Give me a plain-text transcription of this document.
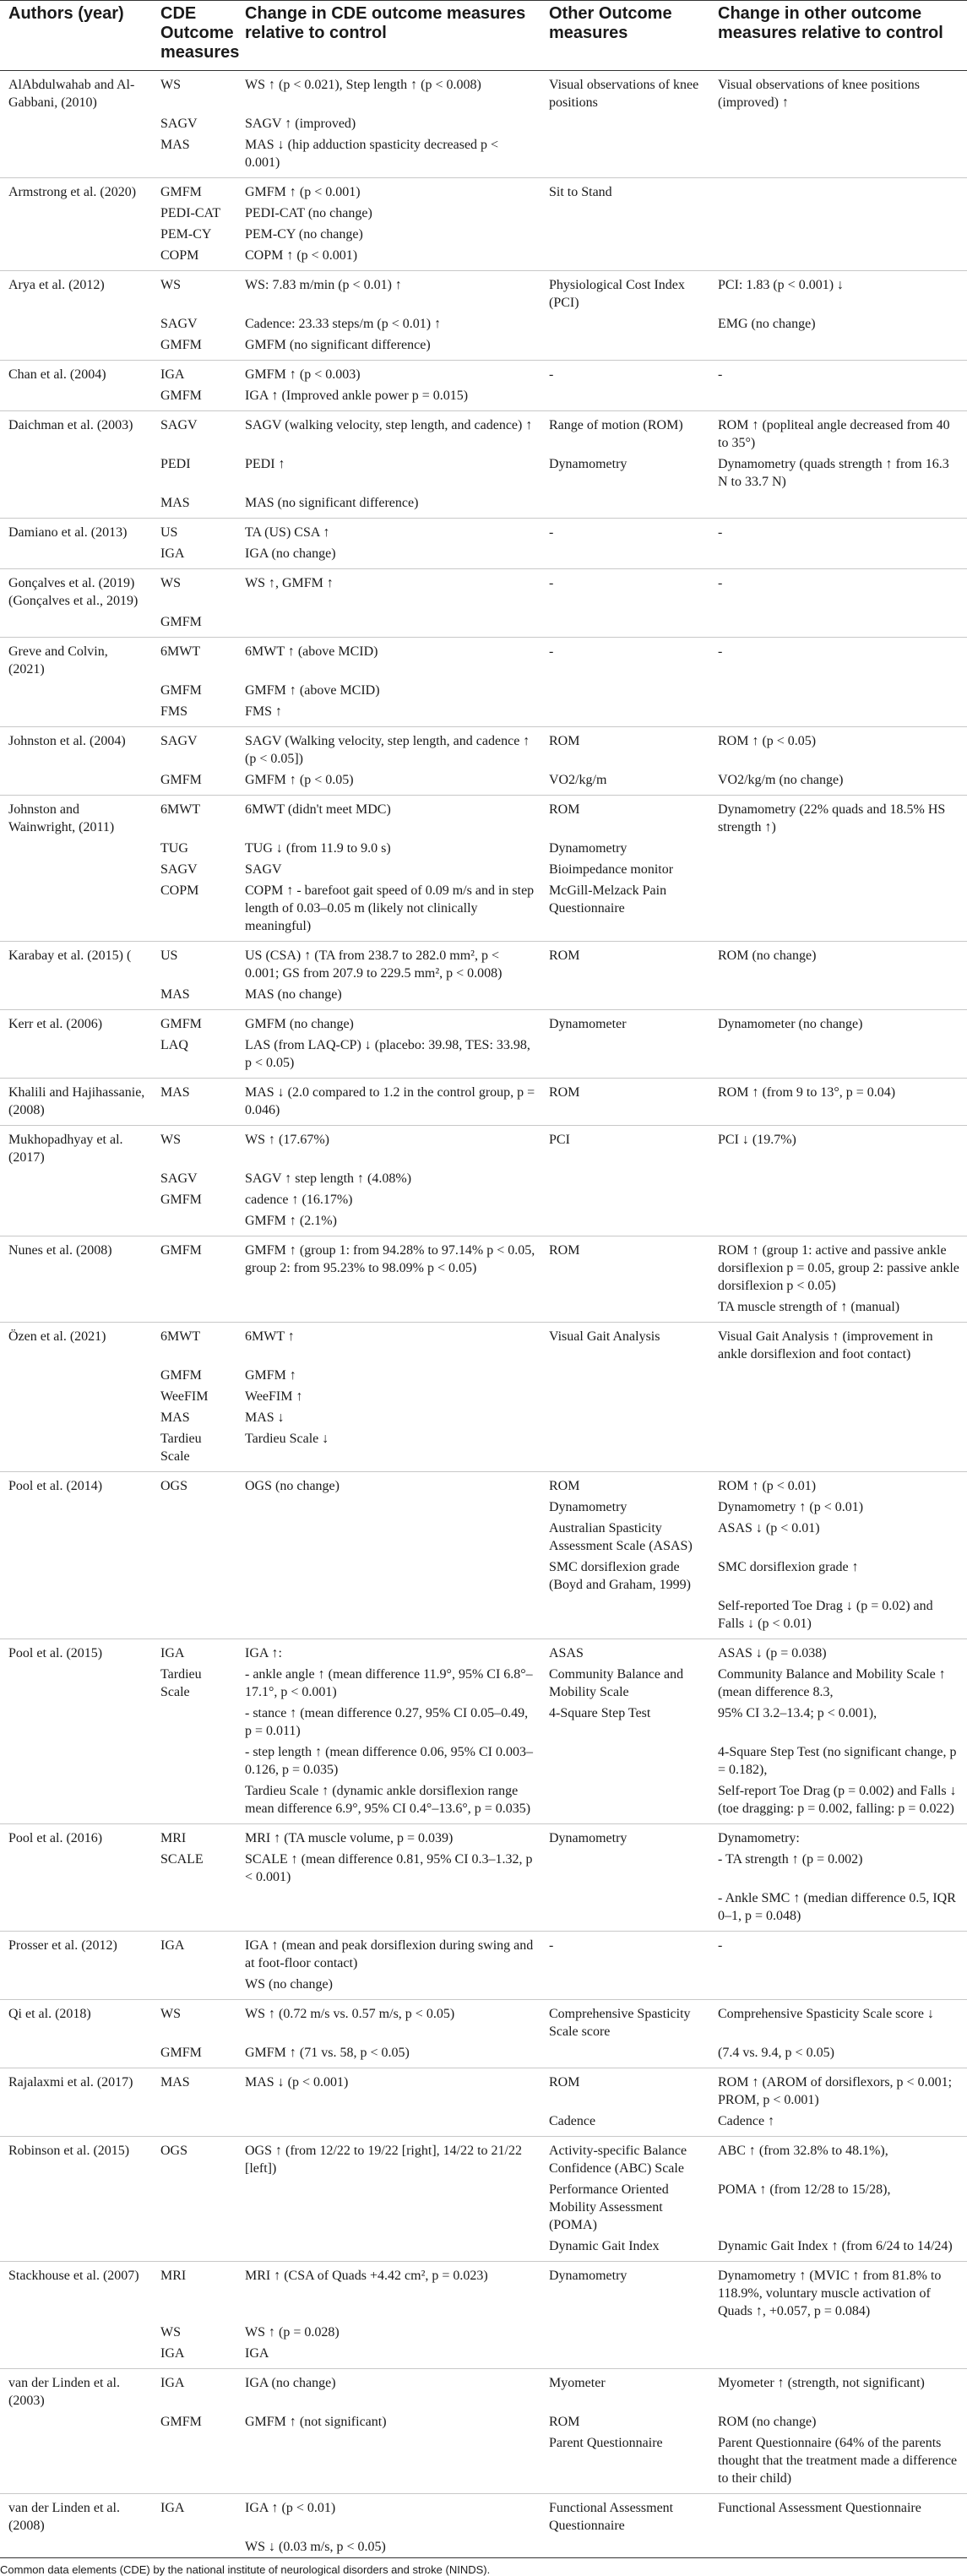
Authors (year)	CDE Outcome measures	Change in CDE outcome measures relative to control	Other Outcome measures	Change in other outcome measures relative to control
AlAbdulwahab and Al-Gabbani, (2010)	WS	WS ↑ (p < 0.021), Step length ↑ (p < 0.008)	Visual observations of knee positions	Visual observations of knee positions (improved) ↑
	SAGV	SAGV ↑ (improved)		
	MAS	MAS ↓ (hip adduction spasticity decreased p < 0.001)		
Armstrong et al. (2020)	GMFM	GMFM ↑ (p < 0.001)	Sit to Stand	
	PEDI-CAT	PEDI-CAT (no change)		
	PEM-CY	PEM-CY (no change)		
	COPM	COPM ↑ (p < 0.001)		
Arya et al. (2012)	WS	WS: 7.83 m/min (p < 0.01) ↑	Physiological Cost Index (PCI)	PCI: 1.83 (p < 0.001) ↓
	SAGV	Cadence: 23.33 steps/m (p < 0.01) ↑		EMG (no change)
	GMFM	GMFM (no significant difference)		
Chan et al. (2004)	IGA	GMFM ↑ (p < 0.003)	-	-
	GMFM	IGA ↑ (Improved ankle power p = 0.015)		
Daichman et al. (2003)	SAGV	SAGV (walking velocity, step length, and cadence) ↑	Range of motion (ROM)	ROM ↑ (popliteal angle decreased from 40 to 35°)
	PEDI	PEDI ↑	Dynamometry	Dynamometry (quads strength ↑ from 16.3 N to 33.7 N)
	MAS	MAS (no significant difference)		
Damiano et al. (2013)	US	TA (US) CSA ↑	-	-
	IGA	IGA (no change)		
Gonçalves et al. (2019) (Gonçalves et al., 2019)	WS	WS ↑, GMFM ↑	-	-
	GMFM			
Greve and Colvin, (2021)	6MWT	6MWT ↑ (above MCID)	-	-
	GMFM	GMFM ↑ (above MCID)		
	FMS	FMS ↑		
Johnston et al. (2004)	SAGV	SAGV (Walking velocity, step length, and cadence ↑ (p < 0.05])	ROM	ROM ↑ (p < 0.05)
	GMFM	GMFM ↑ (p < 0.05)	VO2/kg/m	VO2/kg/m (no change)
Johnston and Wainwright, (2011)	6MWT	6MWT (didn't meet MDC)	ROM	Dynamometry (22% quads and 18.5% HS strength ↑)
	TUG	TUG ↓ (from 11.9 to 9.0 s)	Dynamometry	
	SAGV	SAGV	Bioimpedance monitor	
	COPM	COPM ↑ - barefoot gait speed of 0.09 m/s and in step length of 0.03–0.05 m (likely not clinically meaningful)	McGill-Melzack Pain Questionnaire	
Karabay et al. (2015) (	US	US (CSA) ↑ (TA from 238.7 to 282.0 mm², p < 0.001; GS from 207.9 to 229.5 mm², p < 0.008)	ROM	ROM (no change)
	MAS	MAS (no change)		
Kerr et al. (2006)	GMFM	GMFM (no change)	Dynamometer	Dynamometer (no change)
	LAQ	LAS (from LAQ-CP) ↓ (placebo: 39.98, TES: 33.98, p < 0.05)		
Khalili and Hajihassanie, (2008)	MAS	MAS ↓ (2.0 compared to 1.2 in the control group, p = 0.046)	ROM	ROM ↑ (from 9 to 13°, p = 0.04)
Mukhopadhyay et al. (2017)	WS	WS ↑ (17.67%)	PCI	PCI ↓ (19.7%)
	SAGV	SAGV ↑ step length ↑ (4.08%)		
	GMFM	cadence ↑ (16.17%)		
		GMFM ↑ (2.1%)		
Nunes et al. (2008)	GMFM	GMFM ↑ (group 1: from 94.28% to 97.14% p < 0.05, group 2: from 95.23% to 98.09% p < 0.05)	ROM	ROM ↑ (group 1: active and passive ankle dorsiflexion p = 0.05, group 2: passive ankle dorsiflexion p < 0.05)
				TA muscle strength of ↑ (manual)
Özen et al. (2021)	6MWT	6MWT ↑	Visual Gait Analysis	Visual Gait Analysis ↑ (improvement in ankle dorsiflexion and foot contact)
	GMFM	GMFM ↑		
	WeeFIM	WeeFIM ↑		
	MAS	MAS ↓		
	Tardieu Scale	Tardieu Scale ↓		
Pool et al. (2014)	OGS	OGS (no change)	ROM	ROM ↑ (p < 0.01)
			Dynamometry	Dynamometry ↑ (p < 0.01)
			Australian Spasticity Assessment Scale (ASAS)	ASAS ↓ (p < 0.01)
			SMC dorsiflexion grade (Boyd and Graham, 1999)	SMC dorsiflexion grade ↑
				Self-reported Toe Drag ↓ (p = 0.02) and Falls ↓ (p < 0.01)
Pool et al. (2015)	IGA	IGA ↑:	ASAS	ASAS ↓ (p = 0.038)
	Tardieu Scale	- ankle angle ↑ (mean difference 11.9°, 95% CI 6.8°–17.1°, p < 0.001)	Community Balance and Mobility Scale	Community Balance and Mobility Scale ↑ (mean difference 8.3,
		- stance ↑ (mean difference 0.27, 95% CI 0.05–0.49, p = 0.011)	4-Square Step Test	95% CI 3.2–13.4; p < 0.001),
		- step length ↑ (mean difference 0.06, 95% CI 0.003–0.126, p = 0.035)		4-Square Step Test (no significant change, p = 0.182),
		Tardieu Scale ↑ (dynamic ankle dorsiflexion range mean difference 6.9°, 95% CI 0.4°–13.6°, p = 0.035)		Self-report Toe Drag (p = 0.002) and Falls ↓ (toe dragging: p = 0.002, falling: p = 0.022)
Pool et al. (2016)	MRI	MRI ↑ (TA muscle volume, p = 0.039)	Dynamometry	Dynamometry:
	SCALE	SCALE ↑ (mean difference 0.81, 95% CI 0.3–1.32, p < 0.001)		- TA strength ↑ (p = 0.002)
				- Ankle SMC ↑ (median difference 0.5, IQR 0–1, p = 0.048)
Prosser et al. (2012)	IGA	IGA ↑ (mean and peak dorsiflexion during swing and at foot-floor contact)	-	-
		WS (no change)		
Qi et al. (2018)	WS	WS ↑ (0.72 m/s vs. 0.57 m/s, p < 0.05)	Comprehensive Spasticity Scale score	Comprehensive Spasticity Scale score ↓
	GMFM	GMFM ↑ (71 vs. 58, p < 0.05)		(7.4 vs. 9.4, p < 0.05)
Rajalaxmi et al. (2017)	MAS	MAS ↓ (p < 0.001)	ROM	ROM ↑ (AROM of dorsiflexors, p < 0.001; PROM, p < 0.001)
			Cadence	Cadence ↑
Robinson et al. (2015)	OGS	OGS ↑ (from 12/22 to 19/22 [right], 14/22 to 21/22 [left])	Activity-specific Balance Confidence (ABC) Scale	ABC ↑ (from 32.8% to 48.1%),
			Performance Oriented Mobility Assessment (POMA)	POMA ↑ (from 12/28 to 15/28),
			Dynamic Gait Index	Dynamic Gait Index ↑ (from 6/24 to 14/24)
Stackhouse et al. (2007)	MRI	MRI ↑ (CSA of Quads +4.42 cm², p = 0.023)	Dynamometry	Dynamometry ↑ (MVIC ↑ from 81.8% to 118.9%, voluntary muscle activation of Quads ↑, +0.057, p = 0.084)
	WS	WS ↑ (p = 0.028)		
	IGA	IGA		
van der Linden et al. (2003)	IGA	IGA (no change)	Myometer	Myometer ↑ (strength, not significant)
	GMFM	GMFM ↑ (not significant)	ROM	ROM (no change)
			Parent Questionnaire	Parent Questionnaire (64% of the parents thought that the treatment made a difference to their child)
van der Linden et al. (2008)	IGA	IGA ↑ (p < 0.01)	Functional Assessment Questionnaire	Functional Assessment Questionnaire
		WS ↓ (0.03 m/s, p < 0.05)		
Common data elements (CDE) by the national institute of neurological disorders and stroke (NINDS).
